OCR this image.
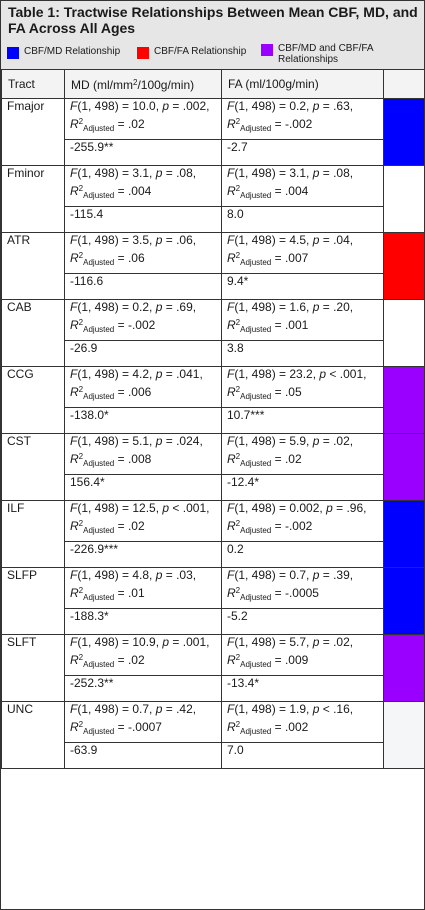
Table 1: Tractwise Relationships Between Mean CBF, MD, and FA Across All Ages
CBF/MD Relationship	CBF/FA Relationship	CBF/MD and CBF/FA Relationships
Tract	MD $(ml/mm^2/100g/\min)$	FA (ml/100g/min)	
Fmajor	F(1, 498) = 10.0, p = .002, $R^2_{Adjusted} = .02$	F(1, 498) = 0.2, p = .63, $R^2_{Adjusted} = -.002$	
	-255.9**	-2.7	
Fminor	F(1, 498) = 3.1, p = .08, $R^2_{Adjusted} = .004$	F(1, 498) = 3.1, p = .08, $R^2_{Adjusted} = .004$	
	-115.4	8.0	
ATR	F(1, 498) = 3.5, p = .06, $R^2_{Adjusted} = .06$	F(1, 498) = 4.5, p = .04, $R^2_{Adjusted} = .007$	
	-116.6	9.4*	
CAB	F(1, 498) = 0.2, p = .69, $R^2_{Adjusted} = -.002$	F(1, 498) = 1.6, p = .20, $R^2_{Adjusted} = .001$	
	-26.9	3.8	
CCG	F(1, 498) = 4.2, p = .041, $R^2_{Adjusted} = .006$	F(1, 498) = 23.2, p < .001, $R^2_{Adjusted} = .05$	
	-138.0*	10.7***	
CST	F(1, 498) = 5.1, p = .024, $R^2_{Adjusted} = .008$	F(1, 498) = 5.9, p = .02, $R^2_{Adjusted} = .02$	
	156.4*	-12.4*	
ILF	F(1, 498) = 12.5, p < .001, $R^2_{Adjusted} = .02$	F(1, 498) = 0.002, p = .96, $R^2_{Adjusted} = -.002$	
	-226.9***	0.2	
SLFP	F(1, 498) = 4.8, p = .03, $R^2_{Adjusted} = .01$	F(1, 498) = 0.7, p = .39, $R^2_{Adjusted} = -.0005$	
	-188.3*	-5.2	
SLFT	F(1, 498) = 10.9, p = .001, $R^2_{Adjusted} = .02$	F(1, 498) = 5.7, p = .02, $R^2_{Adjusted} = .009$	
	-252.3**	-13.4*	
UNC	F(1, 498) = 0.7, p = .42, $R^2_{Adjusted} = -.0007$	F(1, 498) = 1.9, p < .16, $R^2_{Adjusted} = .002$	
	-63.9	7.0	
